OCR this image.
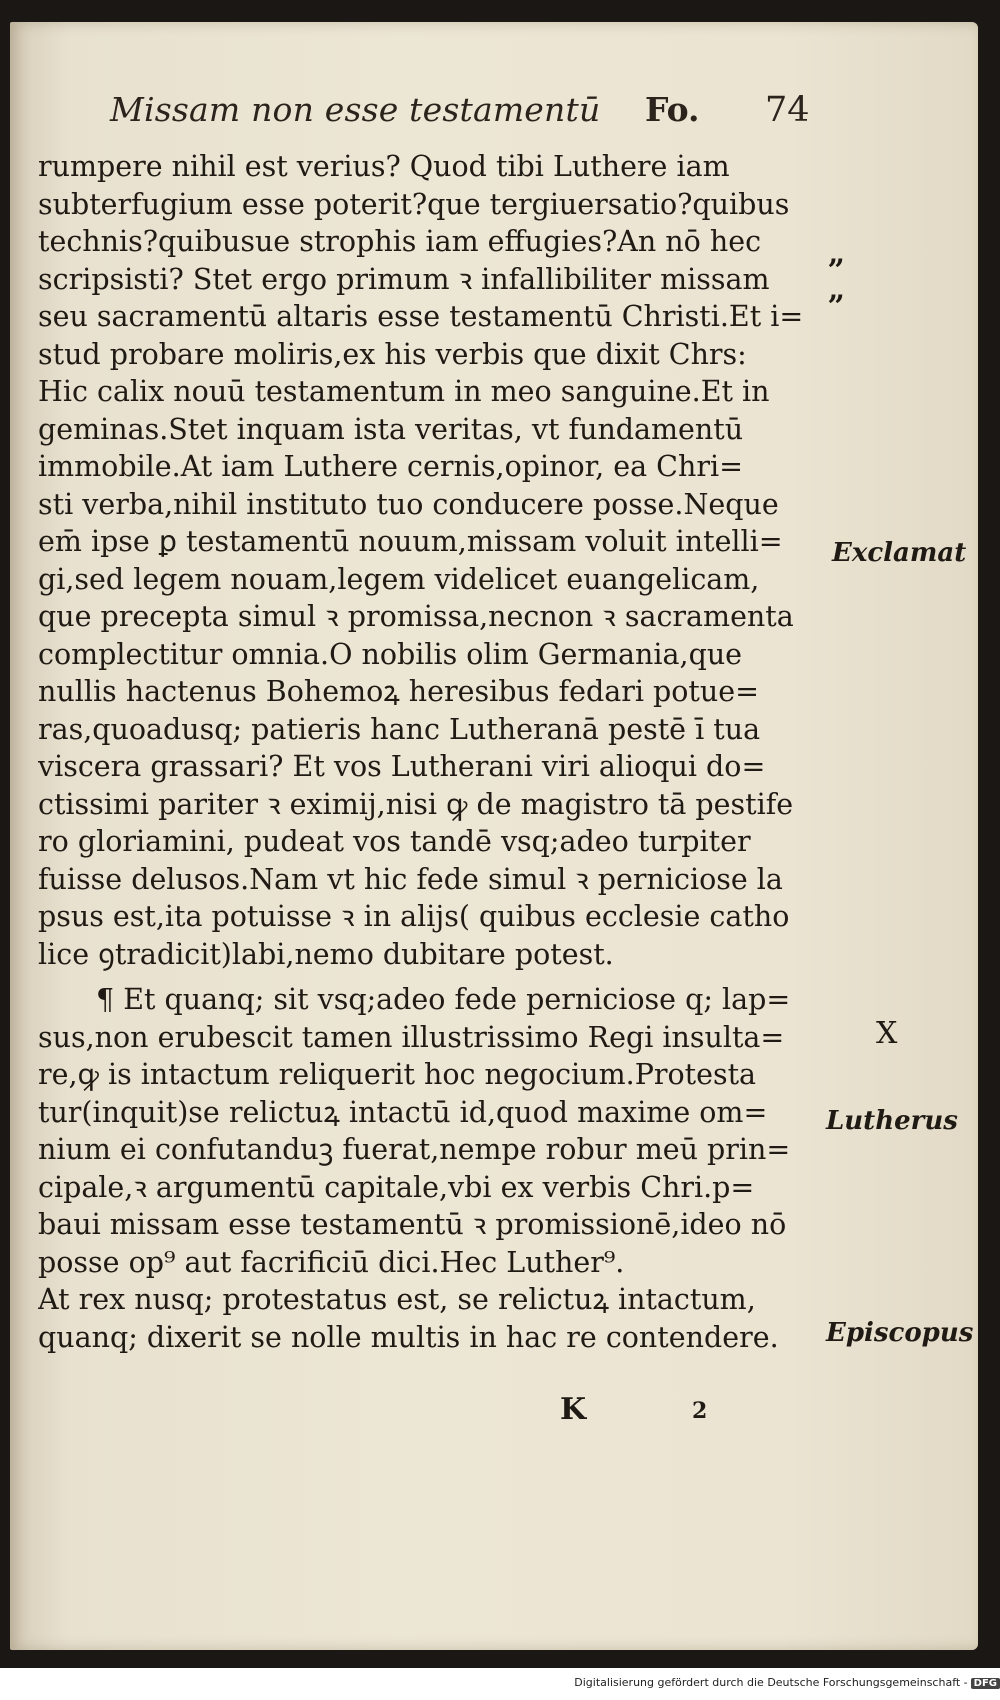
Missam non esse testamentū Fo. 74
rumpere nihil est verius? Quod tibi Luthere iam
subterfugium esse poterit?que tergiuersatio?quibus
technis?quibusue strophis iam effugies?An nō hec
scripsisti? Stet ergo primum ꝛ infallibiliter missam
seu sacramentū altaris esse testamentū Christi.Et i=
stud probare moliris,ex his verbis que dixit Chrs:
Hic calix nouū testamentum in meo sanguine.Et in
geminas.Stet inquam ista veritas, vt fundamentū
immobile.At iam Luthere cernis,opinor, ea Chri=
sti verba,nihil instituto tuo conducere posse.Neque
em̄ ipse ꝑ testamentū nouum,missam voluit intelli=
gi,sed legem nouam,legem videlicet euangelicam,
que precepta simul ꝛ promissa,necnon ꝛ sacramenta
complectitur omnia.O nobilis olim Germania,que
nullis hactenus Bohemoꝝ heresibus fedari potue=
ras,quoadusq; patieris hanc Lutheranā pestē ī tua
viscera grassari? Et vos Lutherani viri alioqui do=
ctissimi pariter ꝛ eximij,nisi ꝙ de magistro tā pestife
ro gloriamini, pudeat vos tandē vsq;adeo turpiter
fuisse delusos.Nam vt hic fede simul ꝛ perniciose la
psus est,ita potuisse ꝛ in alijs( quibus ecclesie catho
lice ꝯtradicit)labi,nemo dubitare potest.
¶ Et quanq; sit vsq;adeo fede perniciose q; lap=
sus,non erubescit tamen illustrissimo Regi insulta=
re,ꝙ is intactum reliquerit hoc negocium.Protesta
tur(inquit)se relictuꝝ intactū id,quod maxime om=
nium ei confutanduꝫ fuerat,nempe robur meū prin=
cipale,ꝛ argumentū capitale,vbi ex verbis Chri.p=
baui missam esse testamentū ꝛ promissionē,ideo nō
posse op⁹ aut facrificiū dici.Hec Luther⁹.
At rex nusq; protestatus est, se relictuꝝ intactum,
quanq; dixerit se nolle multis in hac re contendere.
„
„
Exclamat
X
Lutherus
Episcopus
K	2
Digitalisierung gefördert durch die Deutsche Forschungsgemeinschaft - DFG
